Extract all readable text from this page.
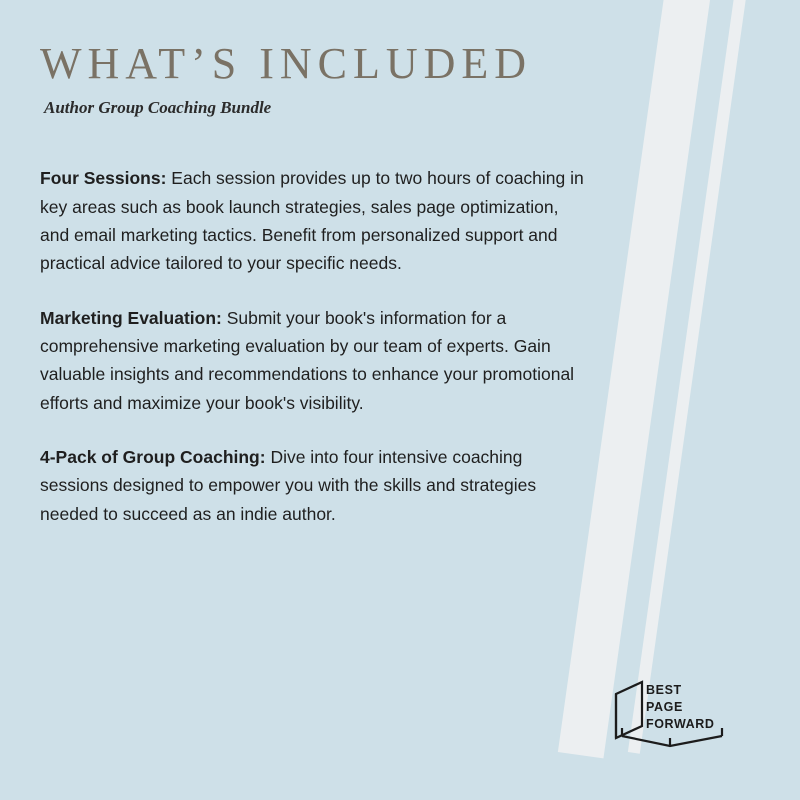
WHAT’S INCLUDED
Author Group Coaching Bundle

Four Sessions: Each session provides up to two hours of coaching in key areas such as book launch strategies, sales page optimization, and email marketing tactics. Benefit from personalized support and practical advice tailored to your specific needs.

Marketing Evaluation: Submit your book's information for a comprehensive marketing evaluation by our team of experts. Gain valuable insights and recommendations to enhance your promotional efforts and maximize your book's visibility.

4-Pack of Group Coaching: Dive into four intensive coaching sessions designed to empower you with the skills and strategies needed to succeed as an indie author.

BEST
PAGE
FORWARD
